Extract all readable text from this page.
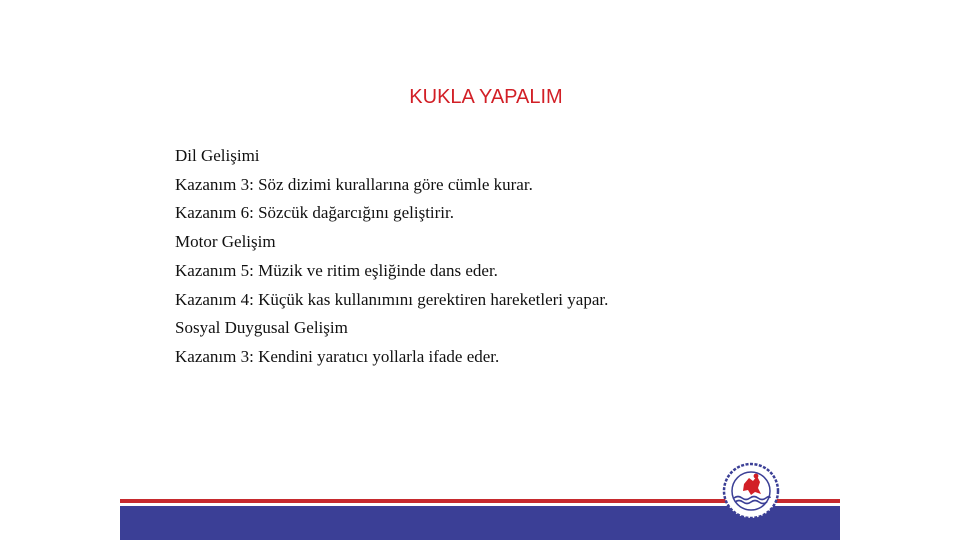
KUKLA YAPALIM
Dil Gelişimi
Kazanım 3: Söz dizimi kurallarına göre cümle kurar.
Kazanım 6: Sözcük dağarcığını geliştirir.
Motor Gelişim
Kazanım 5: Müzik ve ritim eşliğinde dans eder.
Kazanım 4: Küçük kas kullanımını gerektiren hareketleri yapar.
Sosyal Duygusal Gelişim
Kazanım 3: Kendini yaratıcı yollarla ifade eder.
